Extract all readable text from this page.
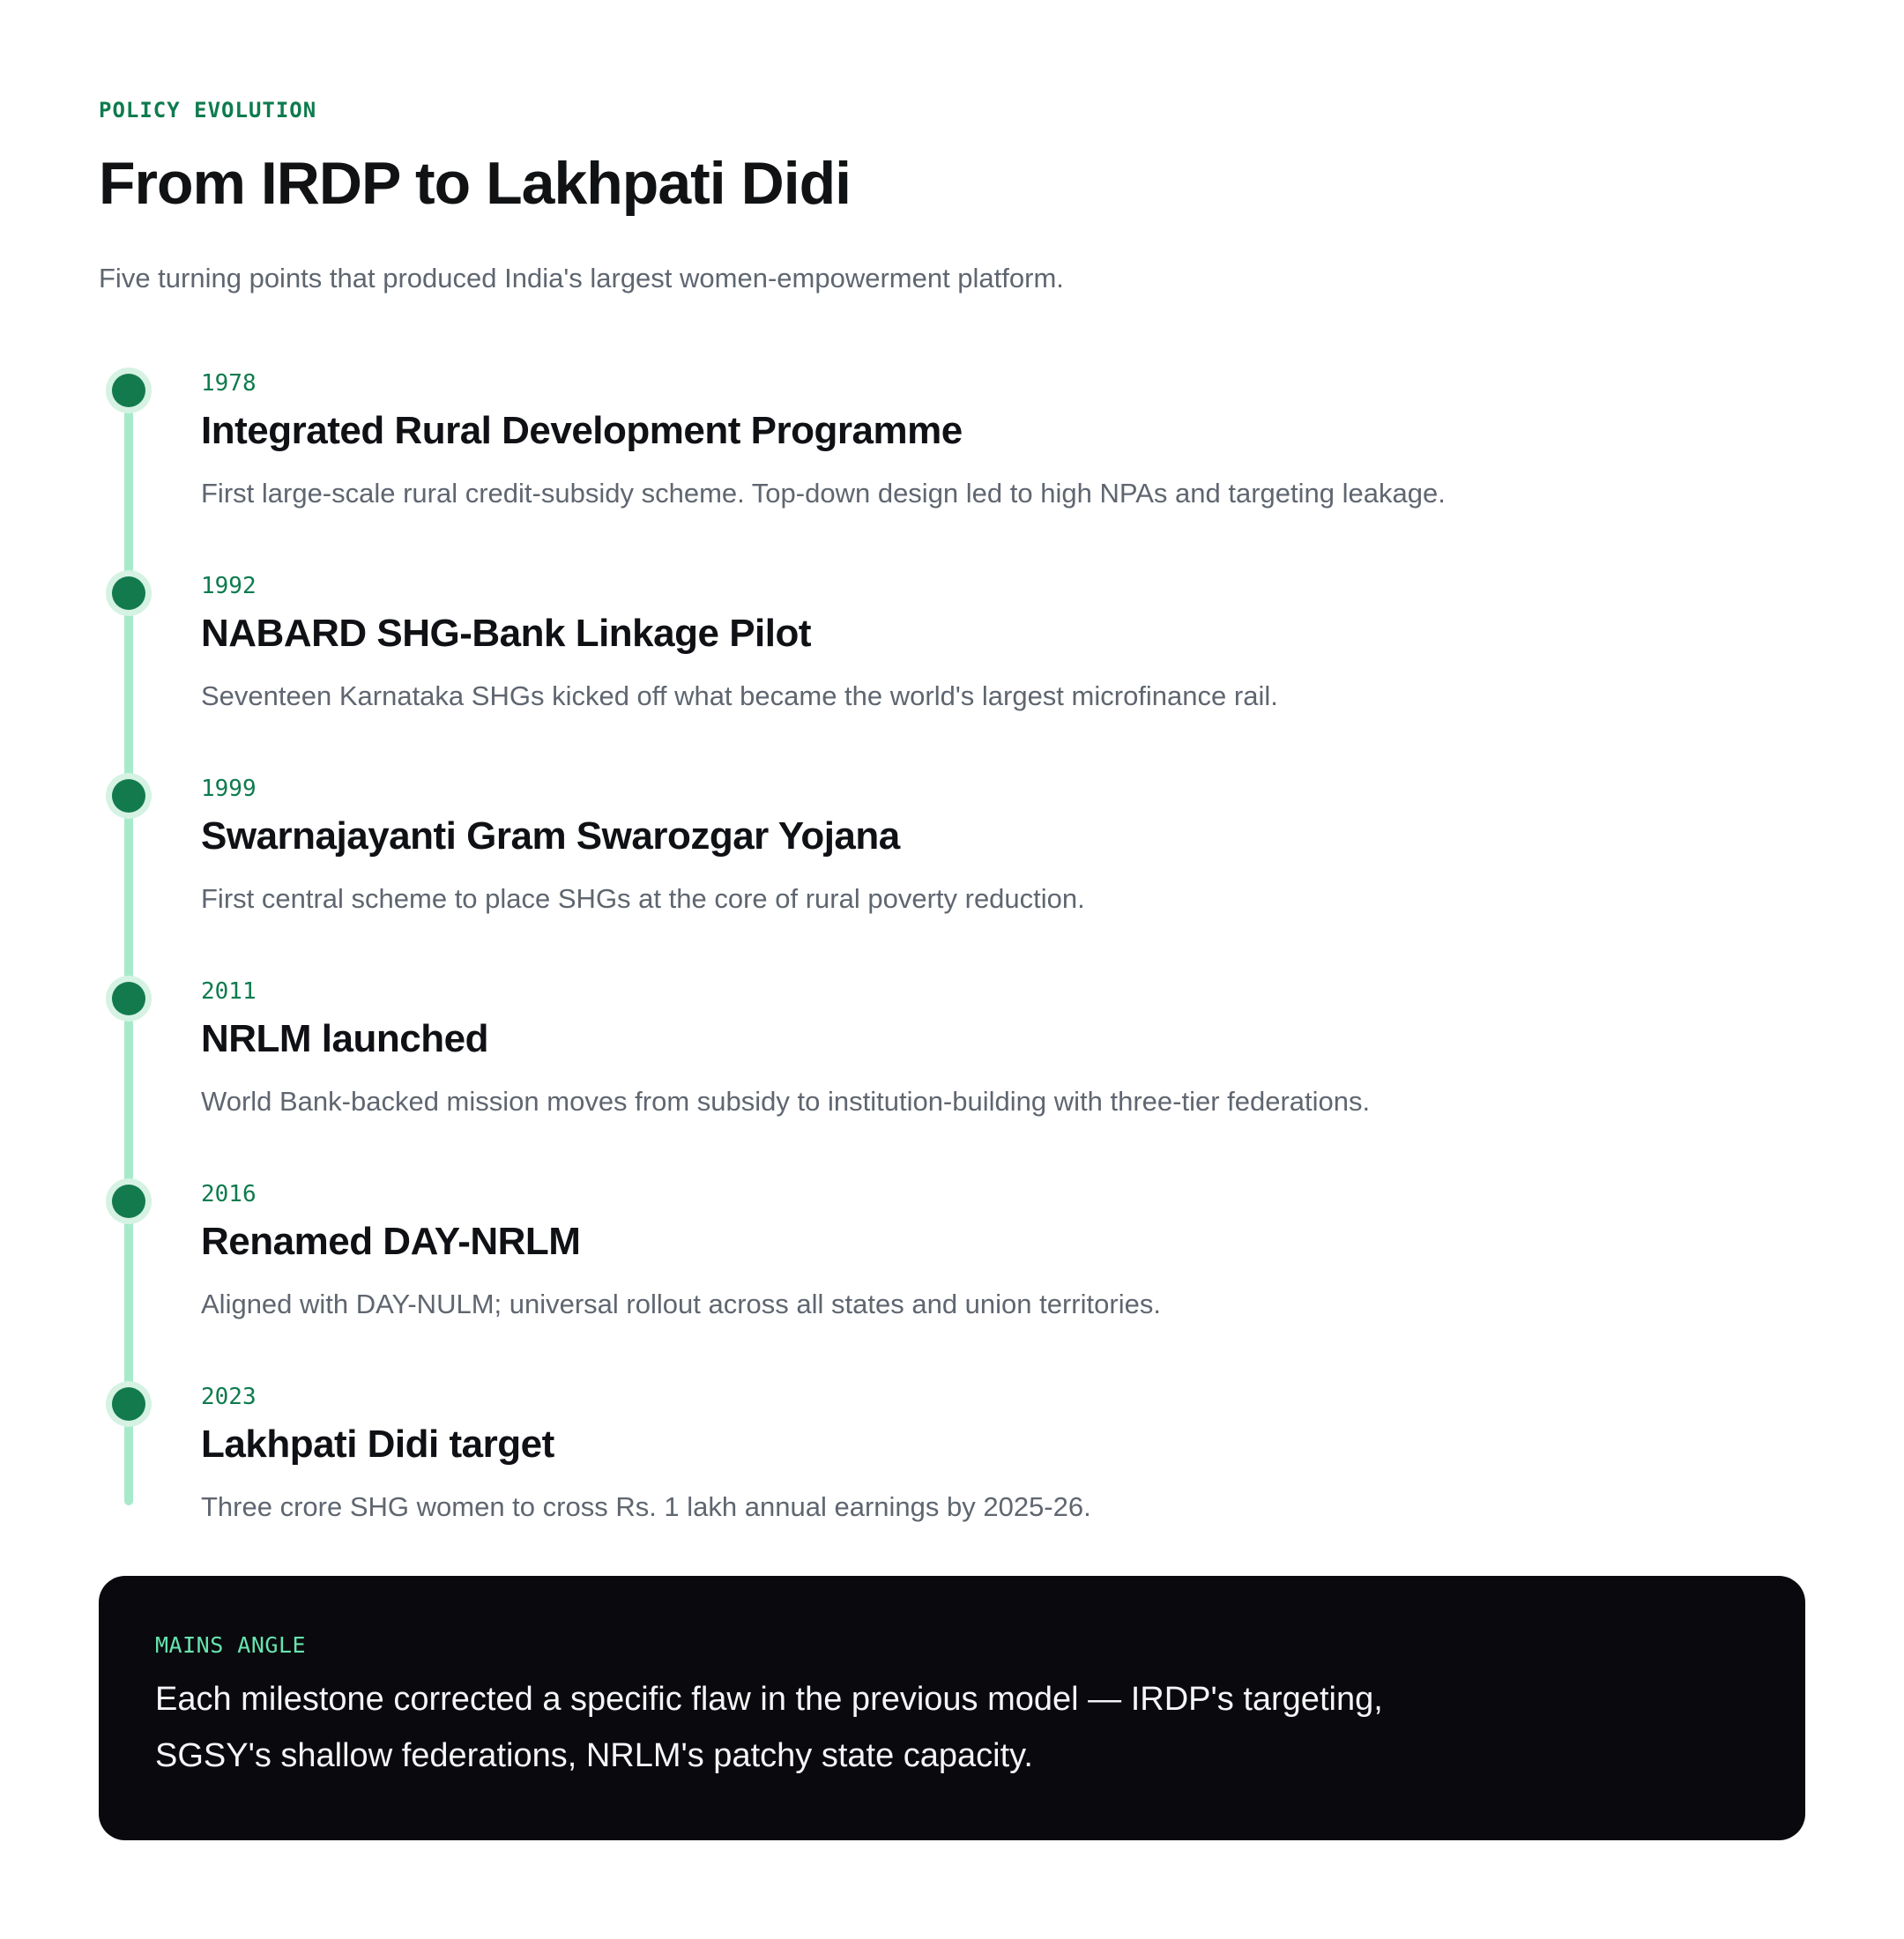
POLICY EVOLUTION
From IRDP to Lakhpati Didi

Five turning points that produced India's largest women-empowerment platform.

1978
Integrated Rural Development Programme
First large-scale rural credit-subsidy scheme. Top-down design led to high NPAs and targeting leakage.
1992
NABARD SHG-Bank Linkage Pilot
Seventeen Karnataka SHGs kicked off what became the world's largest microfinance rail.
1999
Swarnajayanti Gram Swarozgar Yojana
First central scheme to place SHGs at the core of rural poverty reduction.
2011
NRLM launched
World Bank-backed mission moves from subsidy to institution-building with three-tier federations.
2016
Renamed DAY-NRLM
Aligned with DAY-NULM; universal rollout across all states and union territories.
2023
Lakhpati Didi target
Three crore SHG women to cross Rs. 1 lakh annual earnings by 2025-26.
MAINS ANGLE
Each milestone corrected a specific flaw in the previous model — IRDP's targeting,
SGSY's shallow federations, NRLM's patchy state capacity.
